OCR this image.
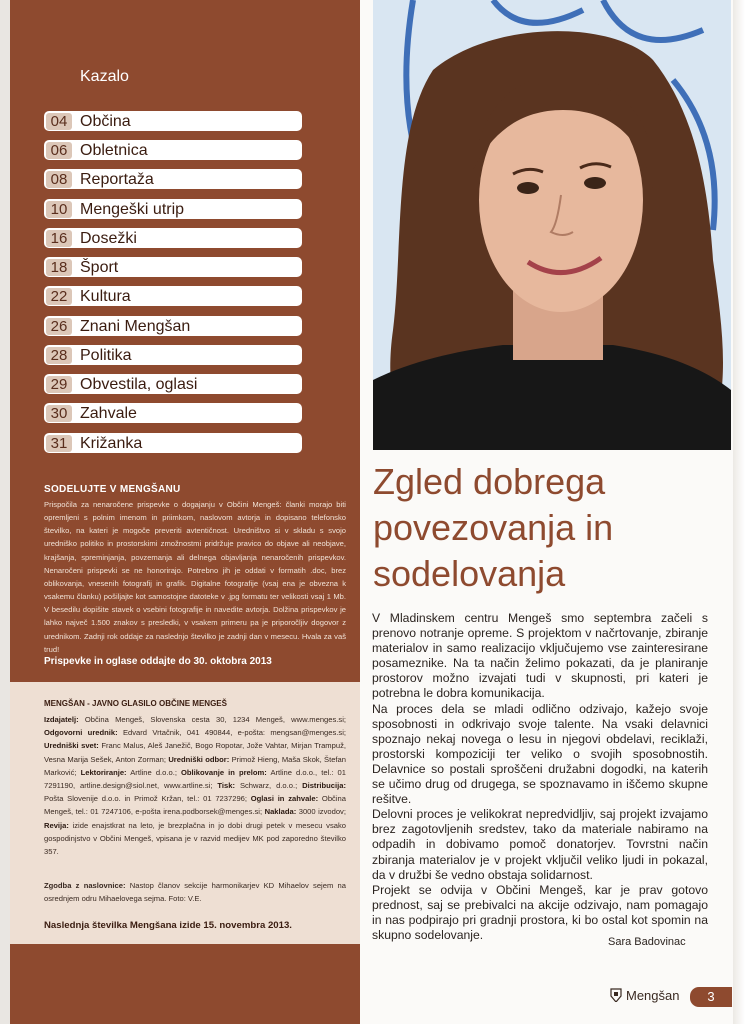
Kazalo
04 Občina
06 Obletnica
08 Reportaža
10 Mengeški utrip
16 Dosežki
18 Šport
22 Kultura
26 Znani Mengšan
28 Politika
29 Obvestila, oglasi
30 Zahvale
31 Križanka
SODELUJTE V MENGŠANU
Prispočila za nenaročene prispevke o dogajanju v Občini Mengeš: članki morajo biti opremljeni s polnim imenom in priimkom, naslovom avtorja in dopisano telefonsko številko, na kateri je mogoče preveriti avtentičnost. Uredništvo si v skladu s svojo uredniško politiko in prostorskimi zmožnostmi pridržuje pravico do objave ali neobjave, krajšanja, spreminjanja, povzemanja ali delnega objavljanja nenaročenih prispevkov. Nenaročeni prispevki se ne honorirajo. Potrebno jih je oddati v formatih .doc, brez oblikovanja, vnesenih fotografij in grafik. Digitalne fotografije (vsaj ena je obvezna k vsakemu članku) pošiljajte kot samostojne datoteke v .jpg formatu ter velikosti vsaj 1 Mb. V besedilu dopišite stavek o vsebini fotografije in navedite avtorja. Dolžina prispevkov je lahko največ 1.500 znakov s presledki, v vsakem primeru pa je priporočljiv dogovor z urednikom. Zadnji rok oddaje za naslednjo številko je zadnji dan v mesecu. Hvala za vaš trud!
Prispevke in oglase oddajte do 30. oktobra 2013
MENGŠAN - JAVNO GLASILO OBČINE MENGEŠ
Izdajatelj: Občina Mengeš, Slovenska cesta 30, 1234 Mengeš, www.menges.si; Odgovorni urednik: Edvard Vrtačnik, 041 490844, e-pošta: mengsan@menges.si; Uredniški svet: Franc Malus, Aleš Janežič, Bogo Ropotar, Jože Vahtar, Mirjan Trampuž, Vesna Marija Sešek, Anton Zorman; Uredniški odbor: Primož Hieng, Maša Skok, Štefan Marković; Lektoriranje: Artline d.o.o.; Oblikovanje in prelom: Artline d.o.o., tel.: 01 7291190, artline.design@siol.net, www.artline.si; Tisk: Schwarz, d.o.o.; Distribucija: Pošta Slovenije d.o.o. in Primož Kržan, tel.: 01 7237296; Oglasi in zahvale: Občina Mengeš, tel.: 01 7247106, e-pošta irena.podborsek@menges.si; Naklada: 3000 izvodov; Revija: izide enajstkrat na leto, je brezplačna in jo dobi drugi petek v mesecu vsako gospodinjstvo v Občini Mengeš, vpisana je v razvid medijev MK pod zaporedno številko 357.
Zgodba z naslovnice: Nastop članov sekcije harmonikarjev KD Mihaelov sejem na osrednjem odru Mihaelovega sejma. Foto: V.E.
Naslednja številka Mengšana izide 15. novembra 2013.
Zgled dobrega
povezovanja in
sodelovanja

V Mladinskem centru Mengeš smo septembra začeli s prenovo notranje opreme. S projektom v načrtovanje, zbiranje materialov in samo realizacijo vključujemo vse zainteresirane posameznike. Na ta način želimo pokazati, da je planiranje prostorov možno izvajati tudi v skupnosti, pri kateri je potrebna le dobra komunikacija.

Na proces dela se mladi odlično odzivajo, kažejo svoje sposobnosti in odkrivajo svoje talente. Na vsaki delavnici spoznajo nekaj novega o lesu in njegovi obdelavi, reciklaži, prostorski kompoziciji ter veliko o svojih sposobnostih. Delavnice so postali sproščeni družabni dogodki, na katerih se učimo drug od drugega, se spoznavamo in iščemo skupne rešitve.

Delovni proces je velikokrat nepredvidljiv, saj projekt izvajamo brez zagotovljenih sredstev, tako da materiale nabiramo na odpadih in dobivamo pomoč donatorjev. Tovrstni način zbiranja materialov je v projekt vključil veliko ljudi in pokazal, da v družbi še vedno obstaja solidarnost.

Projekt se odvija v Občini Mengeš, kar je prav gotovo prednost, saj se prebivalci na akcije odzivajo, nam pomagajo in nas podpirajo pri gradnji prostora, ki bo ostal kot spomin na skupno sodelovanje.

Sara Badovinac
Mengšan	3
